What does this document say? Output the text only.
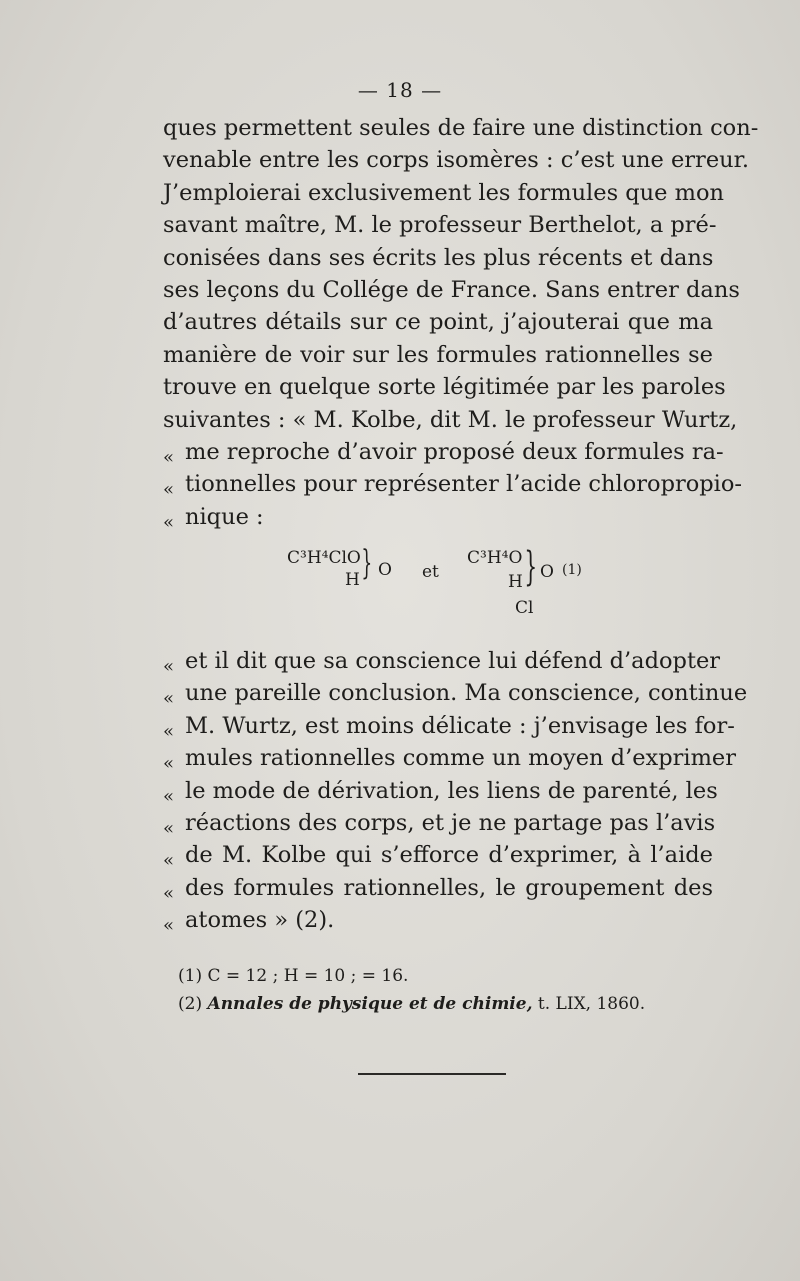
— 18 —
ques permettent seules de faire une distinction con-
venable entre les corps isomères : c’est une erreur.
J’emploierai exclusivement les formules que mon
savant maître, M. le professeur Berthelot, a pré-
conisées dans ses écrits les plus récents et dans
ses leçons du Collége de France. Sans entrer dans
d’autres détails sur ce point, j’ajouterai que ma
manière de voir sur les formules rationnelles se
trouve en quelque sorte légitimée par les paroles
suivantes : « M. Kolbe, dit M. le professeur Wurtz,
« me reproche d’avoir proposé deux formules ra-
« tionnelles pour représenter l’acide chloropropio-
« nique :
C³H⁴ClO
H } O et
C³H⁴O
H } O (1)
Cl
« et il dit que sa conscience lui défend d’adopter
« une pareille conclusion. Ma conscience, continue
« M. Wurtz, est moins délicate : j’envisage les for-
« mules rationnelles comme un moyen d’exprimer
« le mode de dérivation, les liens de parenté, les
« réactions des corps, et je ne partage pas l’avis
« de M. Kolbe qui s’efforce d’exprimer, à l’aide
« des formules rationnelles, le groupement des
« atomes » (2).
(1) C = 12 ; H = 10 ; = 16.
(2) Annales de physique et de chimie, t. LIX, 1860.
